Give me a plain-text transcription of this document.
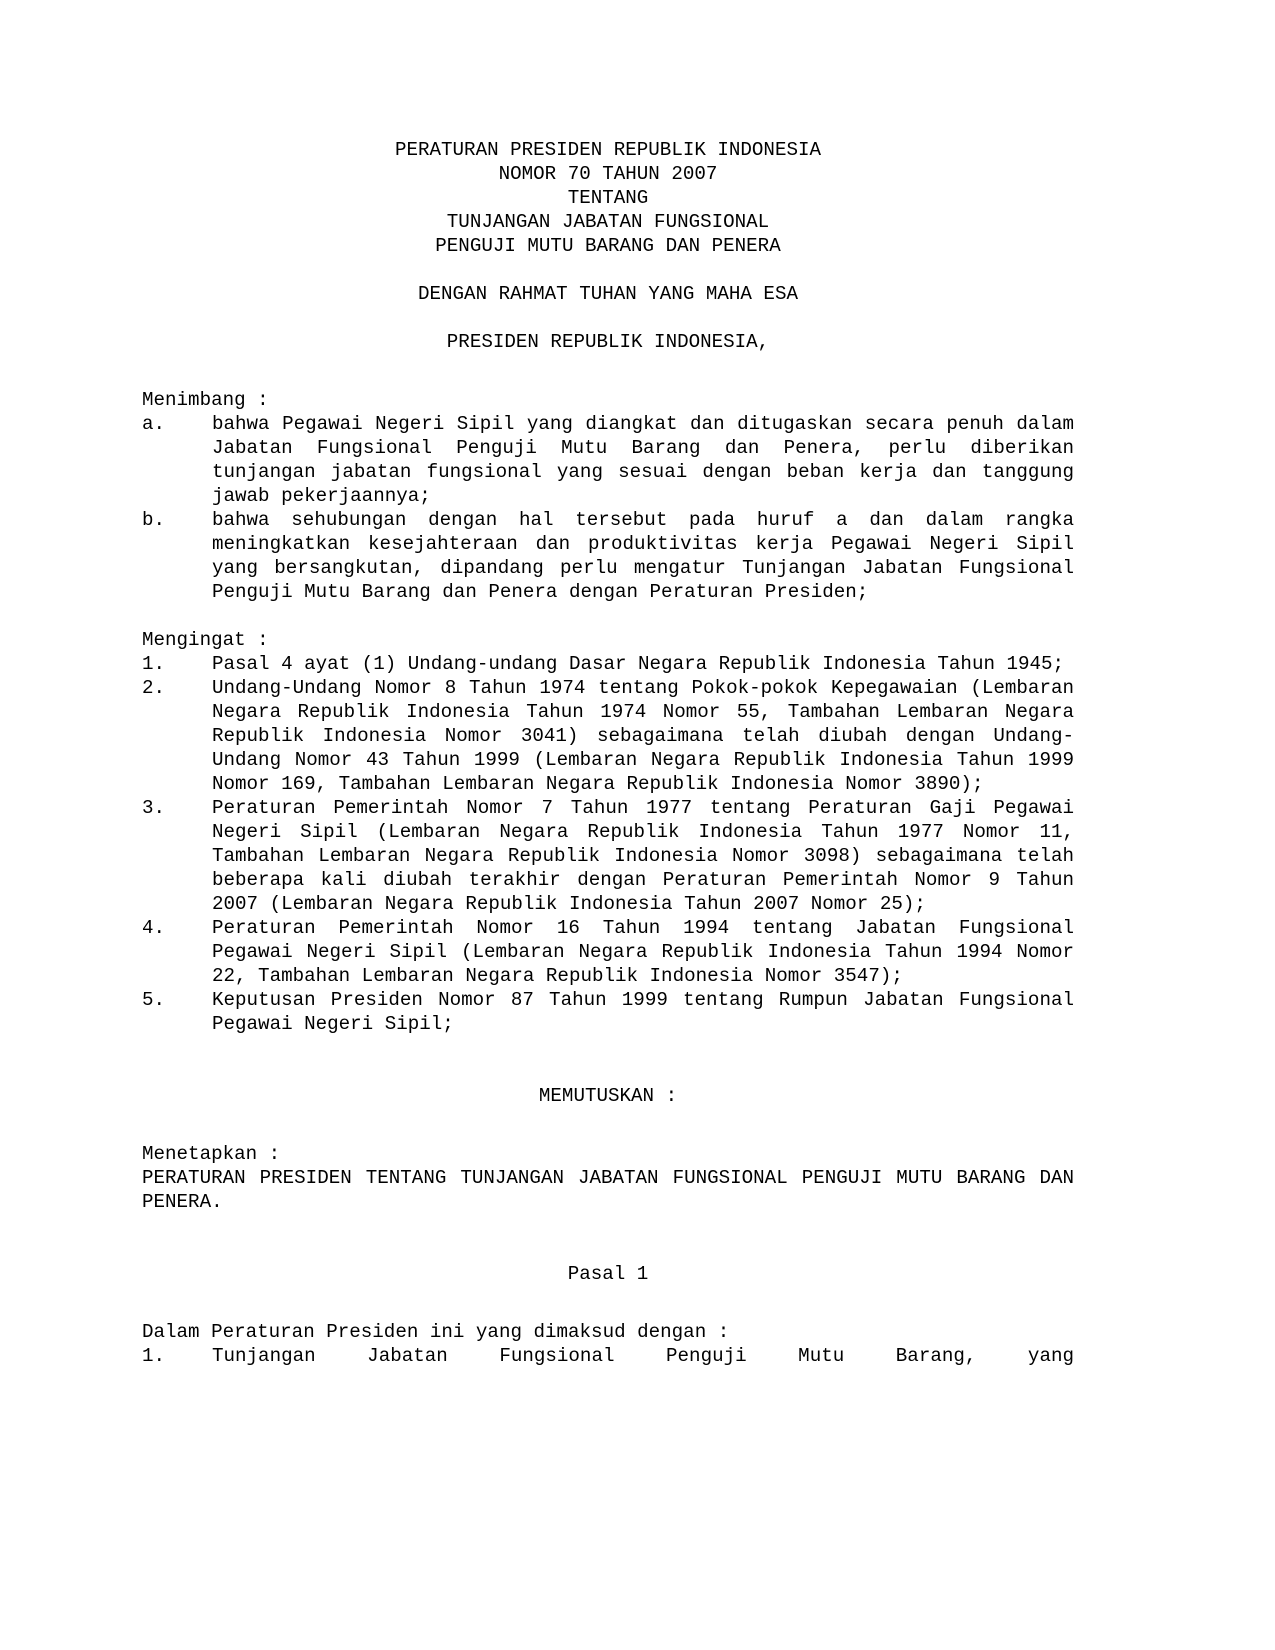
PERATURAN PRESIDEN REPUBLIK INDONESIA
NOMOR 70 TAHUN 2007
TENTANG
TUNJANGAN JABATAN FUNGSIONAL
PENGUJI MUTU BARANG DAN PENERA
DENGAN RAHMAT TUHAN YANG MAHA ESA
PRESIDEN REPUBLIK INDONESIA,
Menimbang :
a.	bahwa Pegawai Negeri Sipil yang diangkat dan ditugaskan secara penuh dalam Jabatan Fungsional Penguji Mutu Barang dan Penera, perlu diberikan tunjangan jabatan fungsional yang sesuai dengan beban kerja dan tanggung jawab pekerjaannya;
b.	bahwa sehubungan dengan hal tersebut pada huruf a dan dalam rangka meningkatkan kesejahteraan dan produktivitas kerja Pegawai Negeri Sipil yang bersangkutan, dipandang perlu mengatur Tunjangan Jabatan Fungsional Penguji Mutu Barang dan Penera dengan Peraturan Presiden;
Mengingat :
1.	Pasal 4 ayat (1) Undang-undang Dasar Negara Republik Indonesia Tahun 1945;
2.	Undang-Undang Nomor 8 Tahun 1974 tentang Pokok-pokok Kepegawaian (Lembaran Negara Republik Indonesia Tahun 1974 Nomor 55, Tambahan Lembaran Negara Republik Indonesia Nomor 3041) sebagaimana telah diubah dengan Undang-Undang Nomor 43 Tahun 1999 (Lembaran Negara Republik Indonesia Tahun 1999 Nomor 169, Tambahan Lembaran Negara Republik Indonesia Nomor 3890);
3.	Peraturan Pemerintah Nomor 7 Tahun 1977 tentang Peraturan Gaji Pegawai Negeri Sipil (Lembaran Negara Republik Indonesia Tahun 1977 Nomor 11, Tambahan Lembaran Negara Republik Indonesia Nomor 3098) sebagaimana telah beberapa kali diubah terakhir dengan Peraturan Pemerintah Nomor 9 Tahun 2007 (Lembaran Negara Republik Indonesia Tahun 2007 Nomor 25);
4.	Peraturan Pemerintah Nomor 16 Tahun 1994 tentang Jabatan Fungsional Pegawai Negeri Sipil (Lembaran Negara Republik Indonesia Tahun 1994 Nomor 22, Tambahan Lembaran Negara Republik Indonesia Nomor 3547);
5.	Keputusan Presiden Nomor 87 Tahun 1999 tentang Rumpun Jabatan Fungsional Pegawai Negeri Sipil;
MEMUTUSKAN :
Menetapkan :
PERATURAN PRESIDEN TENTANG TUNJANGAN JABATAN FUNGSIONAL PENGUJI MUTU BARANG DAN PENERA.
Pasal 1
Dalam Peraturan Presiden ini yang dimaksud dengan :
1.	Tunjangan Jabatan Fungsional Penguji Mutu Barang, yang
